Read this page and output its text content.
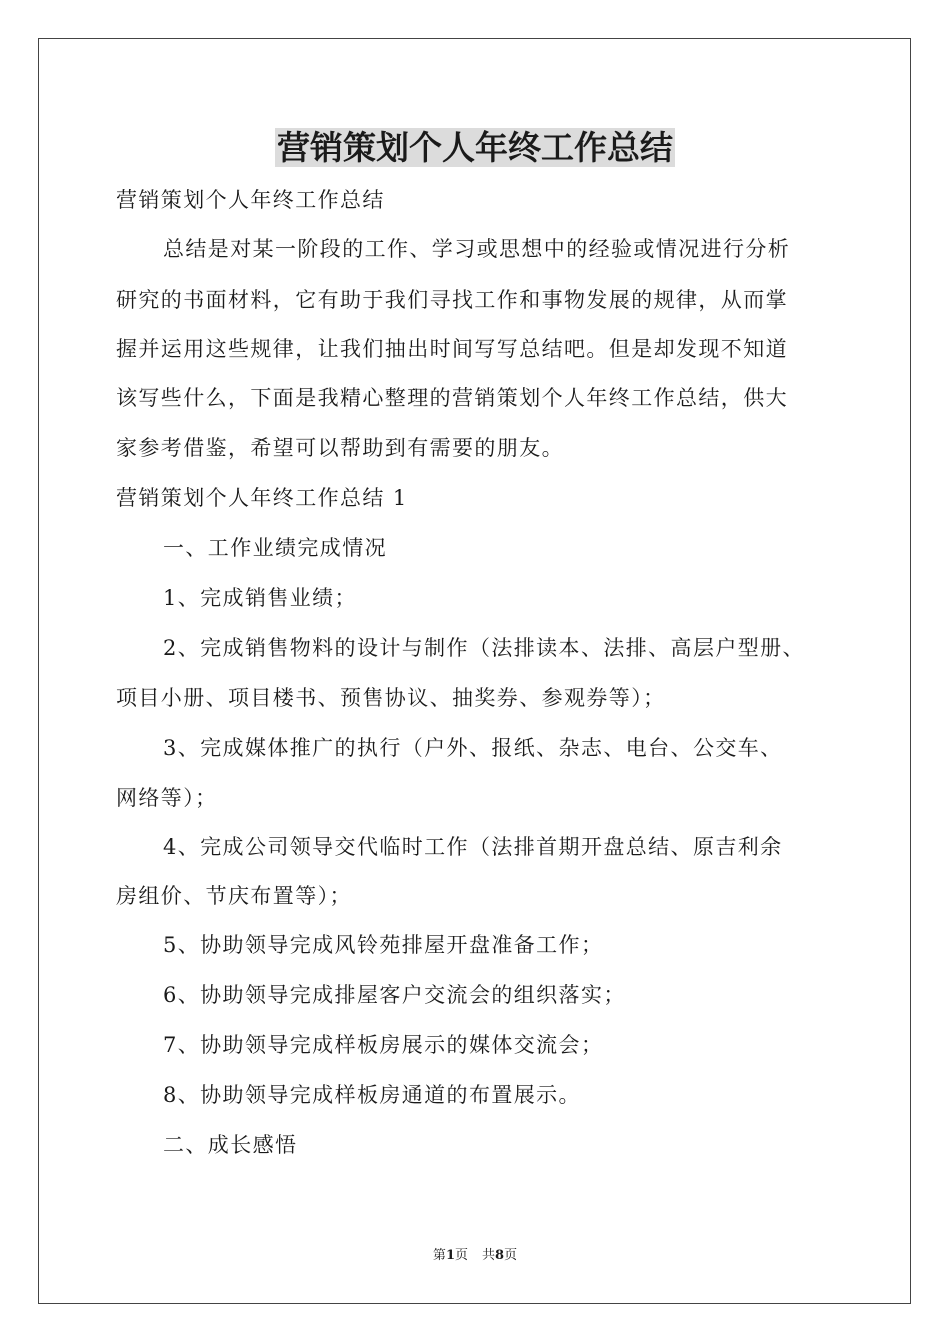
营销策划个人年终工作总结
营销策划个人年终工作总结
总结是对某一阶段的工作、学习或思想中的经验或情况进行分析
研究的书面材料，它有助于我们寻找工作和事物发展的规律，从而掌
握并运用这些规律，让我们抽出时间写写总结吧。但是却发现不知道
该写些什么，下面是我精心整理的营销策划个人年终工作总结，供大
家参考借鉴，希望可以帮助到有需要的朋友。
营销策划个人年终工作总结 1
一、工作业绩完成情况
1、完成销售业绩；
2、完成销售物料的设计与制作（法排读本、法排、高层户型册、
项目小册、项目楼书、预售协议、抽奖券、参观券等）；
3、完成媒体推广的执行（户外、报纸、杂志、电台、公交车、
网络等）；
4、完成公司领导交代临时工作（法排首期开盘总结、原吉利余
房组价、节庆布置等）；
5、协助领导完成风铃苑排屋开盘准备工作；
6、协助领导完成排屋客户交流会的组织落实；
7、协助领导完成样板房展示的媒体交流会；
8、协助领导完成样板房通道的布置展示。
二、成长感悟
第1页 共8页
